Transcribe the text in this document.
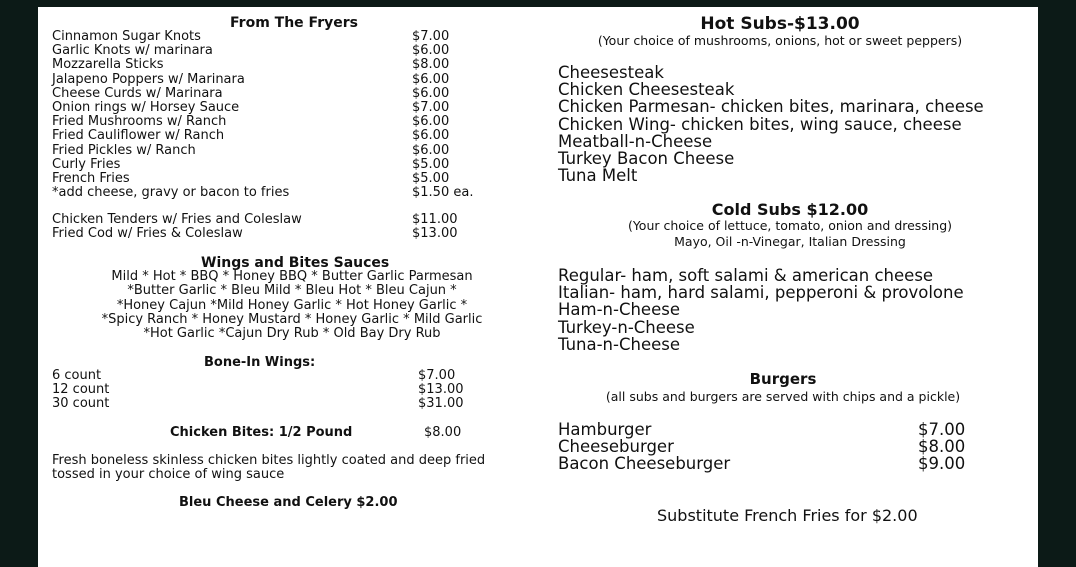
From The Fryers
Cinnamon Sugar Knots
Garlic Knots w/ marinara
Mozzarella Sticks
Jalapeno Poppers w/ Marinara
Cheese Curds w/ Marinara
Onion rings w/ Horsey Sauce
Fried Mushrooms w/ Ranch
Fried Cauliflower w/ Ranch
Fried Pickles w/ Ranch
Curly Fries
French Fries
*add cheese, gravy or bacon to fries
$7.00
$6.00
$8.00
$6.00
$6.00
$7.00
$6.00
$6.00
$6.00
$5.00
$5.00
$1.50 ea.
Chicken Tenders w/ Fries and Coleslaw
Fried Cod w/ Fries & Coleslaw
$11.00
$13.00
Wings and Bites Sauces
Mild * Hot * BBQ * Honey BBQ * Butter Garlic Parmesan
*Butter Garlic * Bleu Mild * Bleu Hot * Bleu Cajun *
*Honey Cajun *Mild Honey Garlic * Hot Honey Garlic *
*Spicy Ranch * Honey Mustard * Honey Garlic * Mild Garlic
*Hot Garlic *Cajun Dry Rub * Old Bay Dry Rub
Bone-In Wings:
6 count
12 count
30 count
$7.00
$13.00
$31.00
Chicken Bites: 1/2 Pound	$8.00
Fresh boneless skinless chicken bites lightly coated and deep fried
tossed in your choice of wing sauce
Bleu Cheese and Celery $2.00
Hot Subs-$13.00
(Your choice of mushrooms, onions, hot or sweet peppers)
Cheesesteak
Chicken Cheesesteak
Chicken Parmesan- chicken bites, marinara, cheese
Chicken Wing- chicken bites, wing sauce, cheese
Meatball-n-Cheese
Turkey Bacon Cheese
Tuna Melt
Cold Subs $12.00
(Your choice of lettuce, tomato, onion and dressing)
Mayo, Oil -n-Vinegar, Italian Dressing
Regular- ham, soft salami & american cheese
Italian- ham, hard salami, pepperoni & provolone
Ham-n-Cheese
Turkey-n-Cheese
Tuna-n-Cheese
Burgers
(all subs and burgers are served with chips and a pickle)
Hamburger
Cheeseburger
Bacon Cheeseburger
$7.00
$8.00
$9.00
Substitute French Fries for $2.00
